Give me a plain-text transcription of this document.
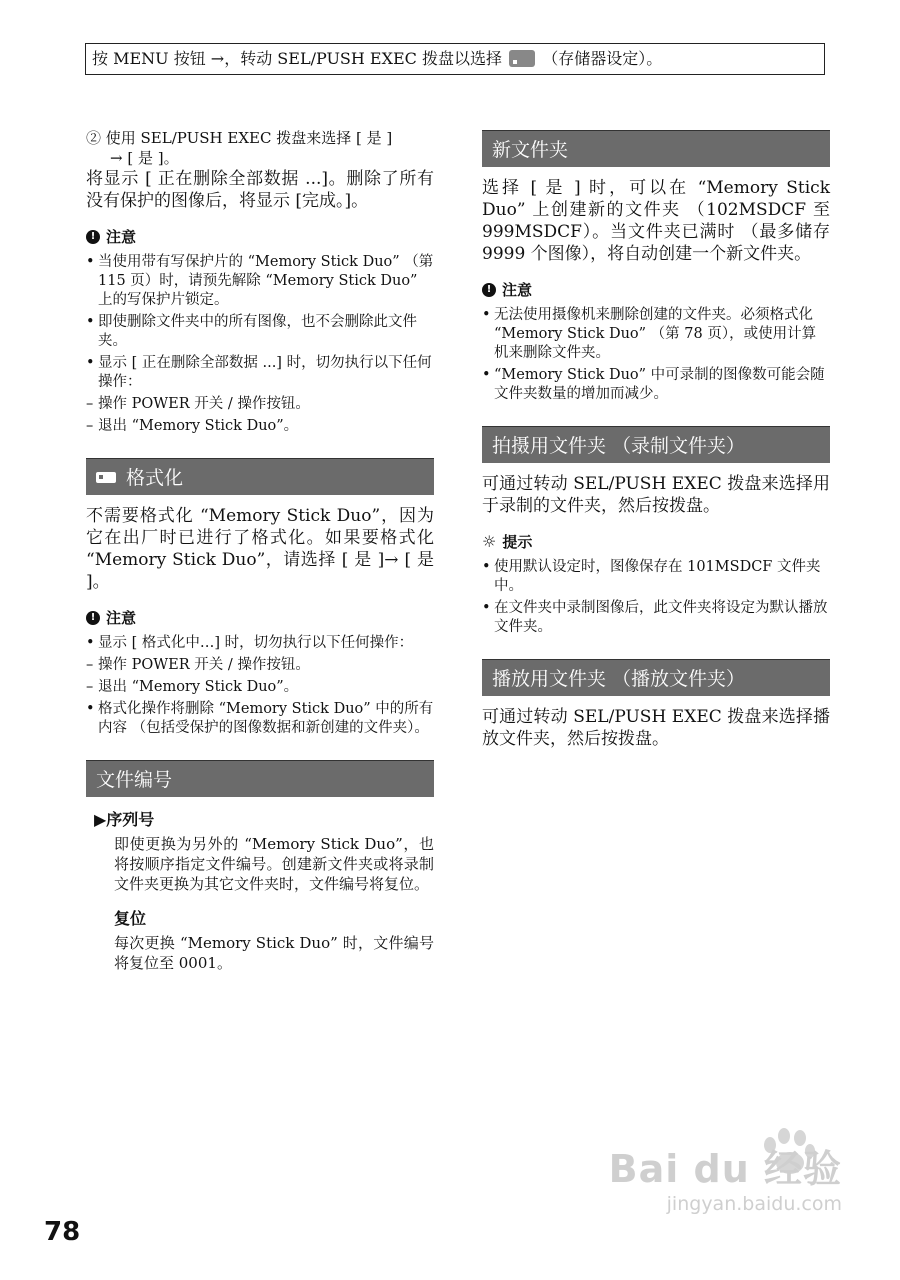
按 MENU 按钮 →，转动 SEL/PUSH EXEC 拨盘以选择	（存储器设定）。

② 使用 SEL/PUSH EXEC 拨盘来选择 [ 是 ]

→ [ 是 ]。

将显示 [ 正在删除全部数据 ...]。删除了所有没有保护的图像后，将显示 [完成。]。

! 注意
• 当使用带有写保护片的 “Memory Stick Duo” （第 115 页）时，请预先解除 “Memory Stick Duo” 上的写保护片锁定。
• 即使删除文件夹中的所有图像，也不会删除此文件夹。
• 显示 [ 正在删除全部数据 ...] 时，切勿执行以下任何操作：
– 操作 POWER 开关 / 操作按钮。
– 退出 “Memory Stick Duo”。
格式化

不需要格式化 “Memory Stick Duo”，因为它在出厂时已进行了格式化。如果要格式化 “Memory Stick Duo”，请选择 [ 是 ]→ [ 是 ]。

! 注意
• 显示 [ 格式化中…] 时，切勿执行以下任何操作：
– 操作 POWER 开关 / 操作按钮。
– 退出 “Memory Stick Duo”。
• 格式化操作将删除 “Memory Stick Duo” 中的所有内容 （包括受保护的图像数据和新创建的文件夹）。
文件编号
▶序列号

即使更换为另外的 “Memory Stick Duo”，也将按顺序指定文件编号。创建新文件夹或将录制文件夹更换为其它文件夹时，文件编号将复位。

复位

每次更换 “Memory Stick Duo” 时，文件编号将复位至 0001。

新文件夹

选择 [ 是 ] 时，可以在 “Memory Stick Duo” 上创建新的文件夹 （102MSDCF 至 999MSDCF）。当文件夹已满时 （最多储存 9999 个图像），将自动创建一个新文件夹。

! 注意
• 无法使用摄像机来删除创建的文件夹。必须格式化 “Memory Stick Duo” （第 78 页），或使用计算机来删除文件夹。
• “Memory Stick Duo” 中可录制的图像数可能会随文件夹数量的增加而减少。
拍摄用文件夹 （录制文件夹）

可通过转动 SEL/PUSH EXEC 拨盘来选择用于录制的文件夹，然后按拨盘。

☼ 提示
• 使用默认设定时，图像保存在 101MSDCF 文件夹中。
• 在文件夹中录制图像后，此文件夹将设定为默认播放文件夹。
播放用文件夹 （播放文件夹）

可通过转动 SEL/PUSH EXEC 拨盘来选择播放文件夹，然后按拨盘。

78
Bai du 经验
jingyan.baidu.com
